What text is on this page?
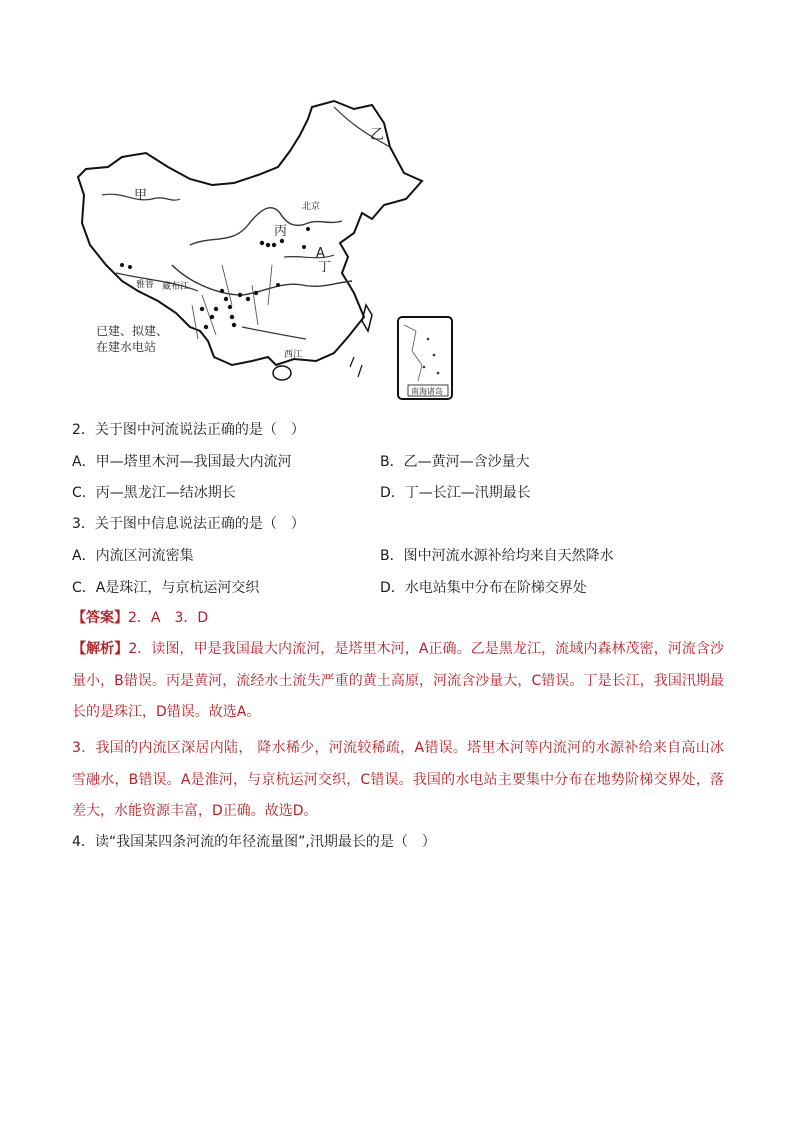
甲
乙
丙
丁
A
北京
雅鲁 藏布江
西江
已建、拟建、
在建水电站
南海诸岛
2．关于图中河流说法正确的是（　）
A．甲—塔里木河—我国最大内流河	B．乙—黄河—含沙量大
C．丙—黑龙江—结冰期长	D．丁—长江—汛期最长
3．关于图中信息说法正确的是（　）
A．内流区河流密集	B．图中河流水源补给均来自天然降水
C．A是珠江，与京杭运河交织	D．水电站集中分布在阶梯交界处
【答案】2．A　3．D
【解析】2．读图，甲是我国最大内流河，是塔里木河，A正确。乙是黑龙江，流域内森林茂密，河流含沙量小，B错误。丙是黄河，流经水土流失严重的黄土高原，河流含沙量大，C错误。丁是长江，我国汛期最长的是珠江，D错误。故选A。
3．我国的内流区深居内陆， 降水稀少，河流较稀疏，A错误。塔里木河等内流河的水源补给来自高山冰雪融水，B错误。A是淮河，与京杭运河交织，C错误。我国的水电站主要集中分布在地势阶梯交界处，落差大，水能资源丰富，D正确。故选D。
4．读“我国某四条河流的年径流量图”,汛期最长的是（　）
